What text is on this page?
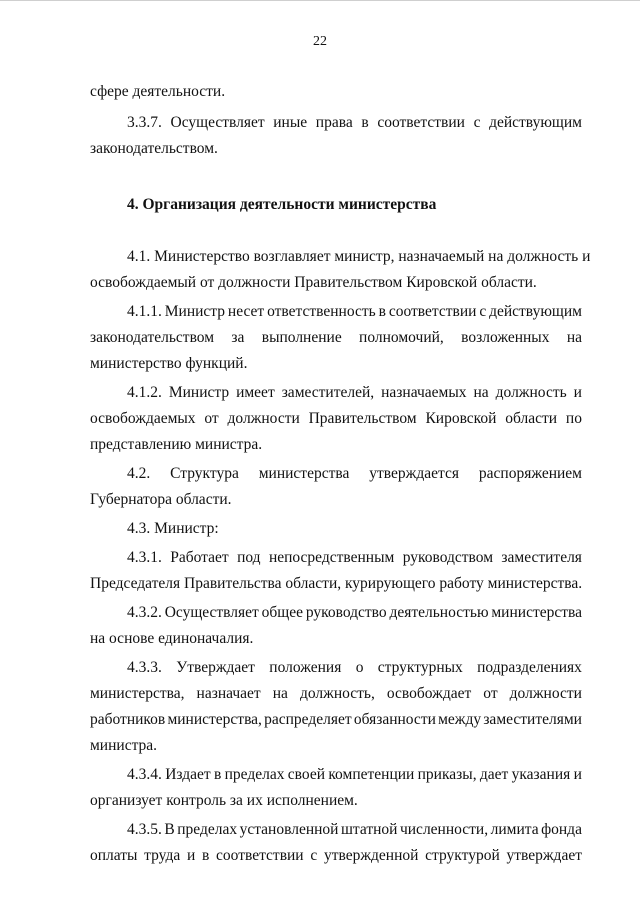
22
сфере деятельности.
3.3.7. Осуществляет иные права в соответствии с действующим
законодательством.
4. Организация деятельности министерства
4.1. Министерство возглавляет министр, назначаемый на должность и
освобождаемый от должности Правительством Кировской области.
4.1.1. Министр несет ответственность в соответствии с действующим
законодательством за выполнение полномочий, возложенных на
министерство функций.
4.1.2. Министр имеет заместителей, назначаемых на должность и
освобождаемых от должности Правительством Кировской области по
представлению министра.
4.2. Структура министерства утверждается распоряжением
Губернатора области.
4.3. Министр:
4.3.1. Работает под непосредственным руководством заместителя
Председателя Правительства области, курирующего работу министерства.
4.3.2. Осуществляет общее руководство деятельностью министерства
на основе единоначалия.
4.3.3. Утверждает положения о структурных подразделениях
министерства, назначает на должность, освобождает от должности
работников министерства, распределяет обязанности между заместителями
министра.
4.3.4. Издает в пределах своей компетенции приказы, дает указания и
организует контроль за их исполнением.
4.3.5. В пределах установленной штатной численности, лимита фонда
оплаты труда и в соответствии с утвержденной структурой утверждает
